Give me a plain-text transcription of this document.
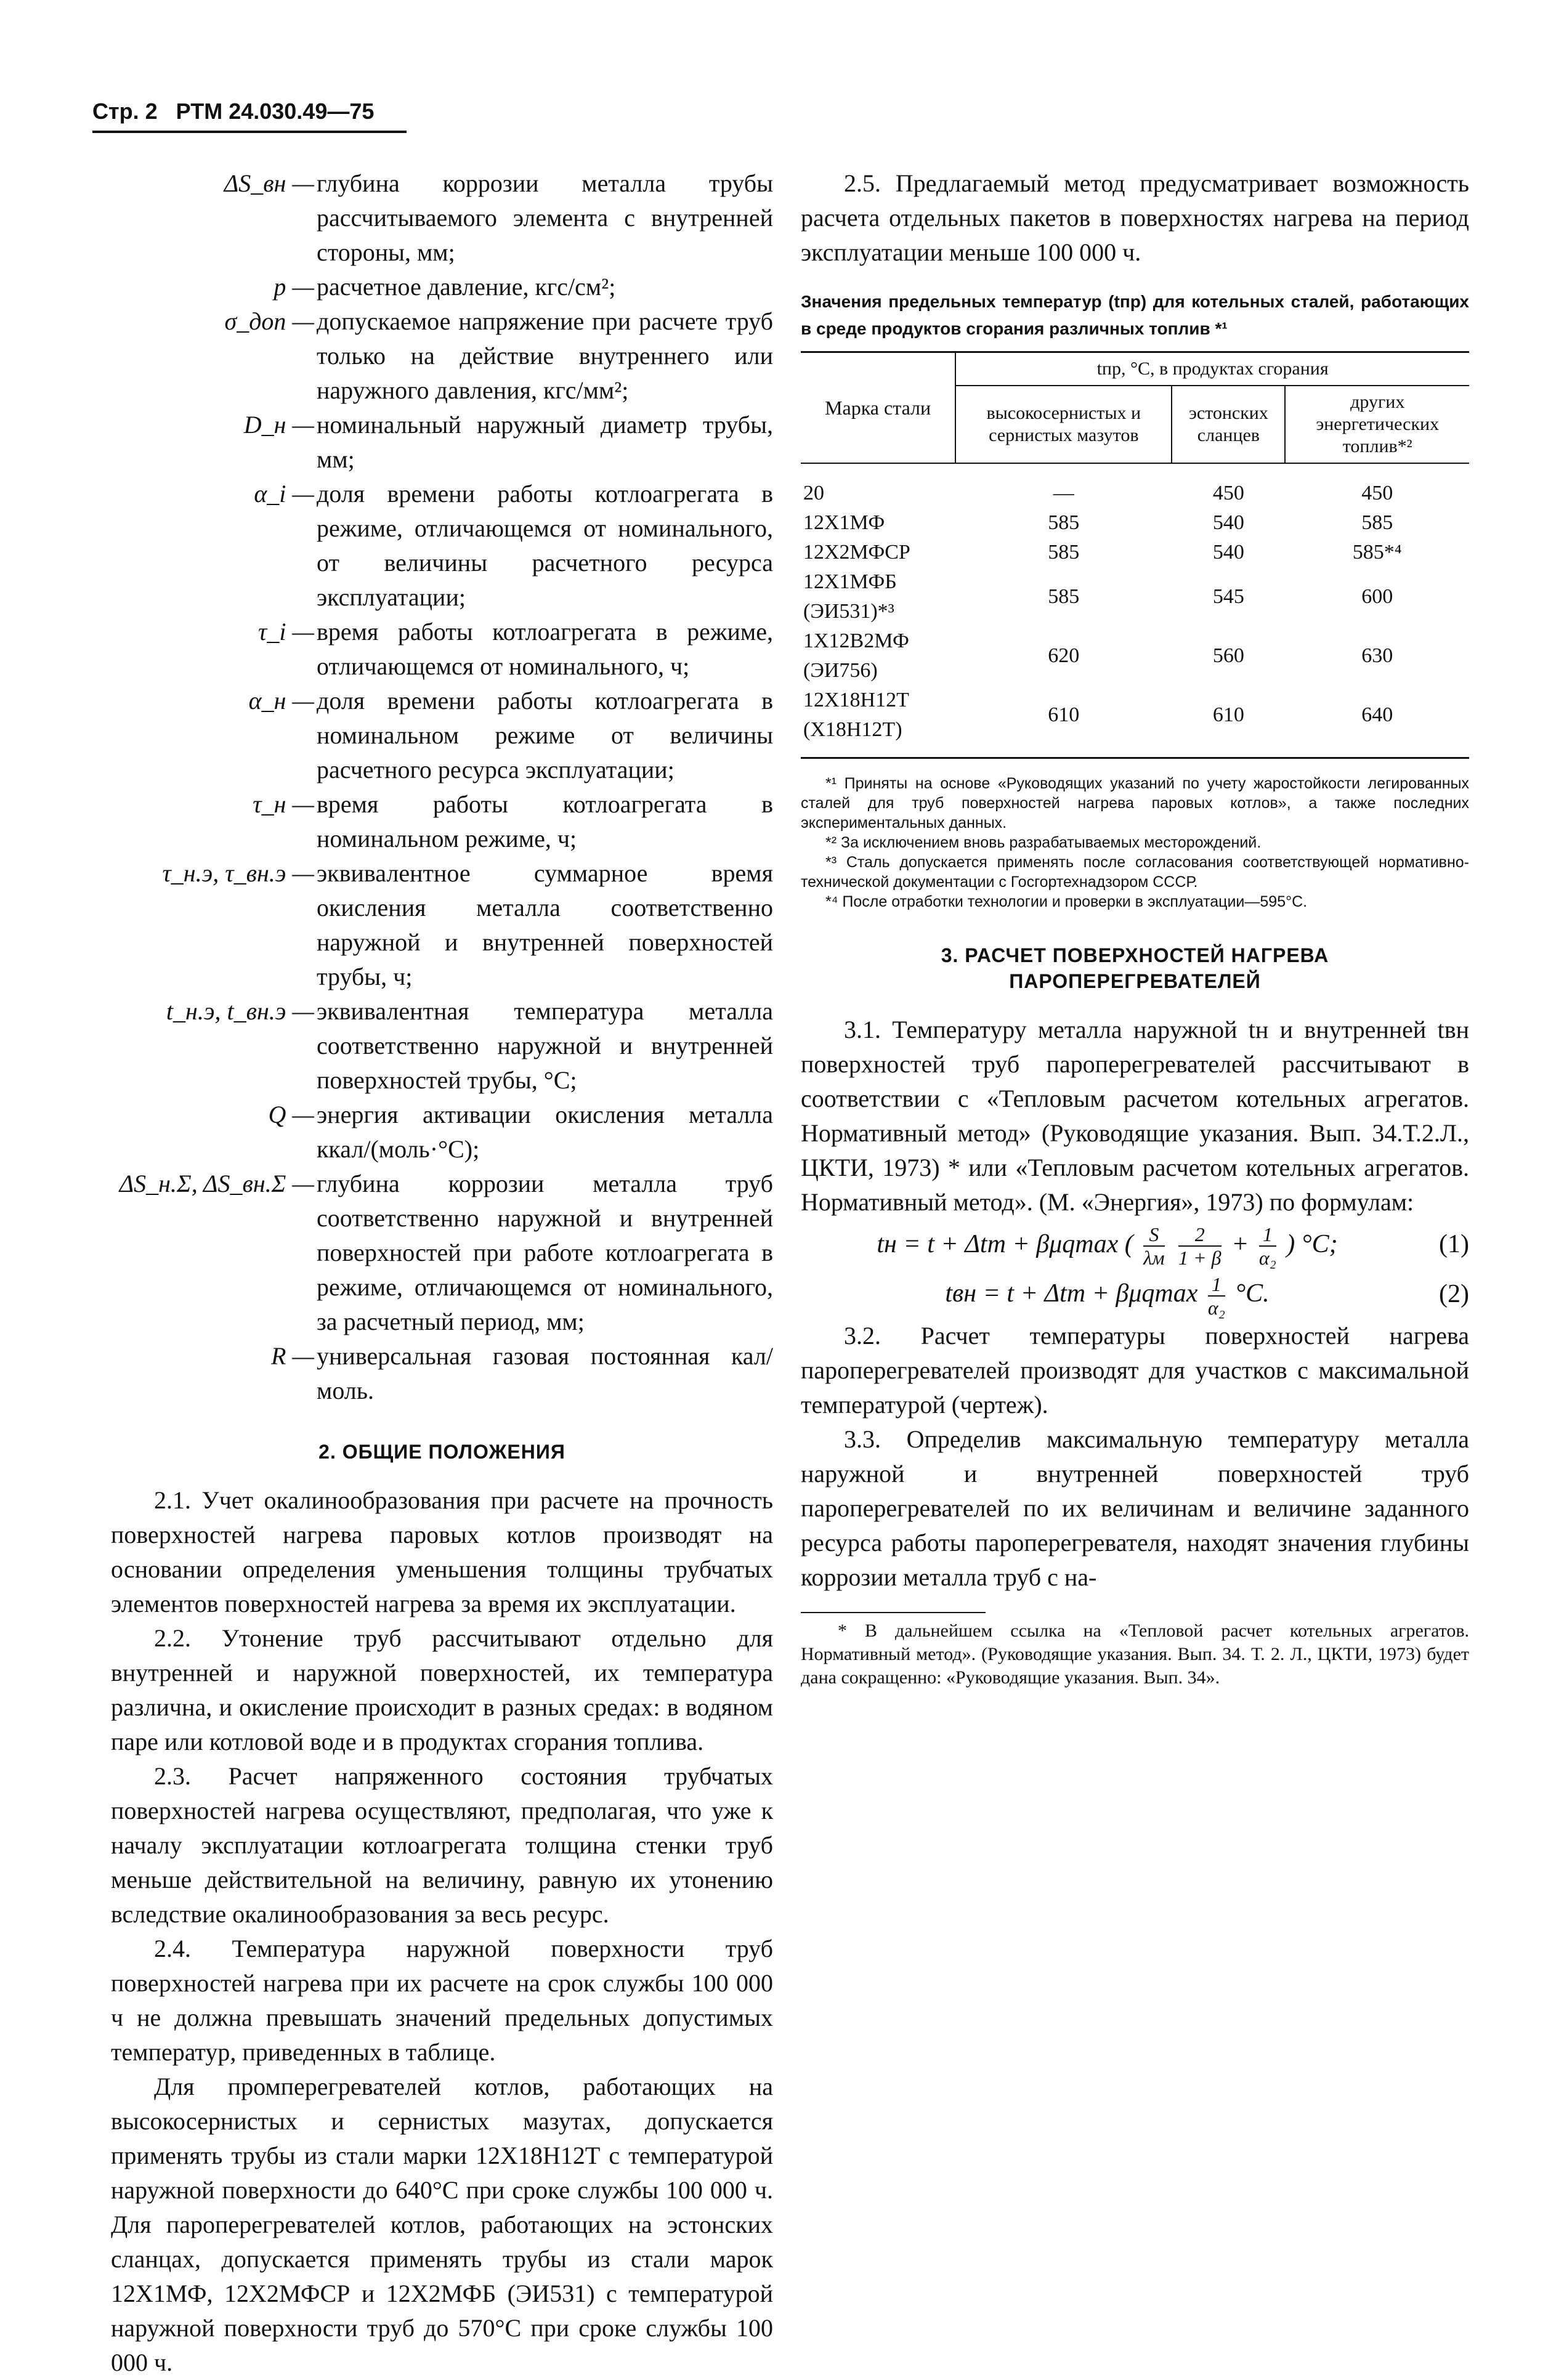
Стр. 2 РТМ 24.030.49—75
ΔS_вн — глубина коррозии металла трубы рассчитываемого элемента с внутренней стороны, мм;
p — расчетное давление, кгс/см²;
σ_доп — допускаемое напряжение при расчете труб только на действие внутреннего или наружного давления, кгс/мм²;
D_н — номинальный наружный диаметр трубы, мм;
α_i — доля времени работы котлоагрегата в режиме, отличающемся от номинального, от величины расчетного ресурса эксплуатации;
τ_i — время работы котлоагрегата в режиме, отличающемся от номинального, ч;
α_н — доля времени работы котлоагрегата в номинальном режиме от величины расчетного ресурса эксплуатации;
τ_н — время работы котлоагрегата в номинальном режиме, ч;
τ_н.э, τ_вн.э — эквивалентное суммарное время окисления металла соответственно наружной и внутренней поверхностей трубы, ч;
t_н.э, t_вн.э — эквивалентная температура металла соответственно наружной и внутренней поверхностей трубы, °С;
Q — энергия активации окисления металла ккал/(моль·°С);
ΔS_н.Σ, ΔS_вн.Σ — глубина коррозии металла труб соответственно наружной и внутренней поверхностей при работе котлоагрегата в режиме, отличающемся от номинального, за расчетный период, мм;
R — универсальная газовая постоянная кал/моль.
2. ОБЩИЕ ПОЛОЖЕНИЯ

2.1. Учет окалинообразования при расчете на прочность поверхностей нагрева паровых котлов производят на основании определения уменьшения толщины трубчатых элементов поверхностей нагрева за время их эксплуатации.

2.2. Утонение труб рассчитывают отдельно для внутренней и наружной поверхностей, их температура различна, и окисление происходит в разных средах: в водяном паре или котловой воде и в продуктах сгорания топлива.

2.3. Расчет напряженного состояния трубчатых поверхностей нагрева осуществляют, предполагая, что уже к началу эксплуатации котлоагрегата толщина стенки труб меньше действительной на величину, равную их утонению вследствие окалинообразования за весь ресурс.

2.4. Температура наружной поверхности труб поверхностей нагрева при их расчете на срок службы 100 000 ч не должна превышать значений предельных допустимых температур, приведенных в таблице.

Для промперегревателей котлов, работающих на высокосернистых и сернистых мазутах, допускается применять трубы из стали марки 12Х18Н12Т с температурой наружной поверхности до 640°С при сроке службы 100 000 ч. Для пароперегревателей котлов, работающих на эстонских сланцах, допускается применять трубы из стали марок 12Х1МФ, 12Х2МФСР и 12Х2МФБ (ЭИ531) с температурой наружной поверхности труб до 570°С при сроке службы 100 000 ч.

2.5. Предлагаемый метод предусматривает возможность расчета отдельных пакетов в поверхностях нагрева на период эксплуатации меньше 100 000 ч.

Значения предельных температур (tпр) для котельных сталей, работающих в среде продуктов сгорания различных топлив *¹
Марка стали	tпр, °С, в продуктах сгорания		
	высокосернистых и сернистых мазутов	эстонских сланцев	других энергетических топлив*²
20	—	450	450
12Х1МФ	585	540	585
12Х2МФСР	585	540	585*⁴
12Х1МФБ (ЭИ531)*³	585	545	600
1Х12В2МФ (ЭИ756)	620	560	630
12Х18Н12Т (Х18Н12Т)	610	610	640

*¹ Приняты на основе «Руководящих указаний по учету жаростойкости легированных сталей для труб поверхностей нагрева паровых котлов», а также последних экспериментальных данных.

*² За исключением вновь разрабатываемых месторождений.

*³ Сталь допускается применять после согласования соответствующей нормативно-технической документации с Госгортехнадзором СССР.

*⁴ После отработки технологии и проверки в эксплуатации—595°С.

3. РАСЧЕТ ПОВЕРХНОСТЕЙ НАГРЕВА
ПАРОПЕРЕГРЕВАТЕЛЕЙ

3.1. Температуру металла наружной tн и внутренней tвн поверхностей труб пароперегревателей рассчитывают в соответствии с «Тепловым расчетом котельных агрегатов. Нормативный метод» (Руководящие указания. Вып. 34.Т.2.Л., ЦКТИ, 1973) * или «Тепловым расчетом котельных агрегатов. Нормативный метод». (М. «Энергия», 1973) по формулам:

tн = t + Δtт + βμqmax ( $\frac{S}{\lambda м}$
$\frac{2}{1 + \beta} + \frac{1}{\text{α₂}}$ ) °С;	(1)
tвн = t + Δtт + βμqmax $\frac{1}{\text{α₂}} ^\circ С$.	(2)

3.2. Расчет температуры поверхностей нагрева пароперегревателей производят для участков с максимальной температурой (чертеж).

3.3. Определив максимальную температуру металла наружной и внутренней поверхностей труб пароперегревателей по их величинам и величине заданного ресурса работы пароперегревателя, находят значения глубины коррозии металла труб с на-

* В дальнейшем ссылка на «Тепловой расчет котельных агрегатов. Нормативный метод». (Руководящие указания. Вып. 34. Т. 2. Л., ЦКТИ, 1973) будет дана сокращенно: «Руководящие указания. Вып. 34».
